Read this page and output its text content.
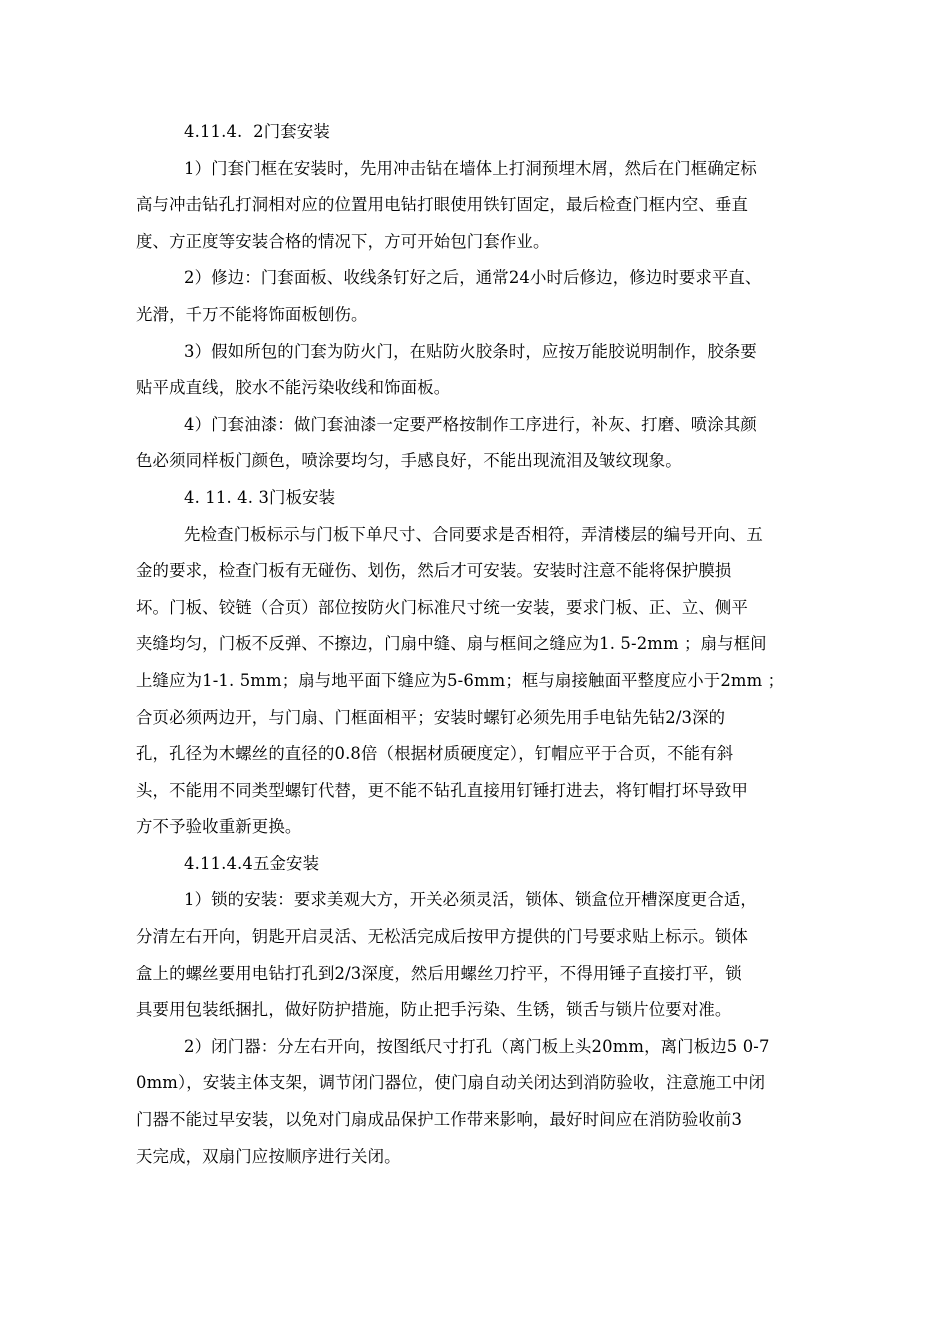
4.11.4.  2门套安装
1）门套门框在安装时，先用冲击钻在墙体上打洞预埋木屑，然后在门框确定标
高与冲击钻孔打洞相对应的位置用电钻打眼使用铁钉固定，最后检查门框内空、垂直
度、方正度等安装合格的情况下，方可开始包门套作业。
2）修边：门套面板、收线条钉好之后，通常24小时后修边，修边时要求平直、
光滑，千万不能将饰面板刨伤。
3）假如所包的门套为防火门，在贴防火胶条时，应按万能胶说明制作，胶条要
贴平成直线，胶水不能污染收线和饰面板。
4）门套油漆：做门套油漆一定要严格按制作工序进行，补灰、打磨、喷涂其颜
色必须同样板门颜色，喷涂要均匀，手感良好，不能出现流泪及皱纹现象。
4. 11. 4. 3门板安装
先检查门板标示与门板下单尺寸、合同要求是否相符，弄清楼层的编号开向、五
金的要求，检查门板有无碰伤、划伤，然后才可安装。安装时注意不能将保护膜损
坏。门板、铰链（合页）部位按防火门标准尺寸统一安装，要求门板、正、立、侧平
夹缝均匀，门板不反弹、不擦边，门扇中缝、扇与框间之缝应为1. 5-2mm ；扇与框间
上缝应为1-1. 5mm；扇与地平面下缝应为5-6mm；框与扇接触面平整度应小于2mm ；
合页必须两边开，与门扇、门框面相平；安装时螺钉必须先用手电钻先钻2/3深的
孔，孔径为木螺丝的直径的0.8倍（根据材质硬度定），钉帽应平于合页，不能有斜
头，不能用不同类型螺钉代替，更不能不钻孔直接用钉锤打进去，将钉帽打坏导致甲
方不予验收重新更换。
4.11.4.4五金安装
1）锁的安装：要求美观大方，开关必须灵活，锁体、锁盒位开槽深度更合适，
分清左右开向，钥匙开启灵活、无松活完成后按甲方提供的门号要求贴上标示。锁体
盒上的螺丝要用电钻打孔到2/3深度，然后用螺丝刀拧平，不得用锤子直接打平，锁
具要用包装纸捆扎，做好防护措施，防止把手污染、生锈，锁舌与锁片位要对准。
2）闭门器：分左右开向，按图纸尺寸打孔（离门板上头20mm，离门板边5 0-7
0mm），安装主体支架，调节闭门器位，使门扇自动关闭达到消防验收，注意施工中闭
门器不能过早安装，以免对门扇成品保护工作带来影响，最好时间应在消防验收前3
天完成，双扇门应按顺序进行关闭。
